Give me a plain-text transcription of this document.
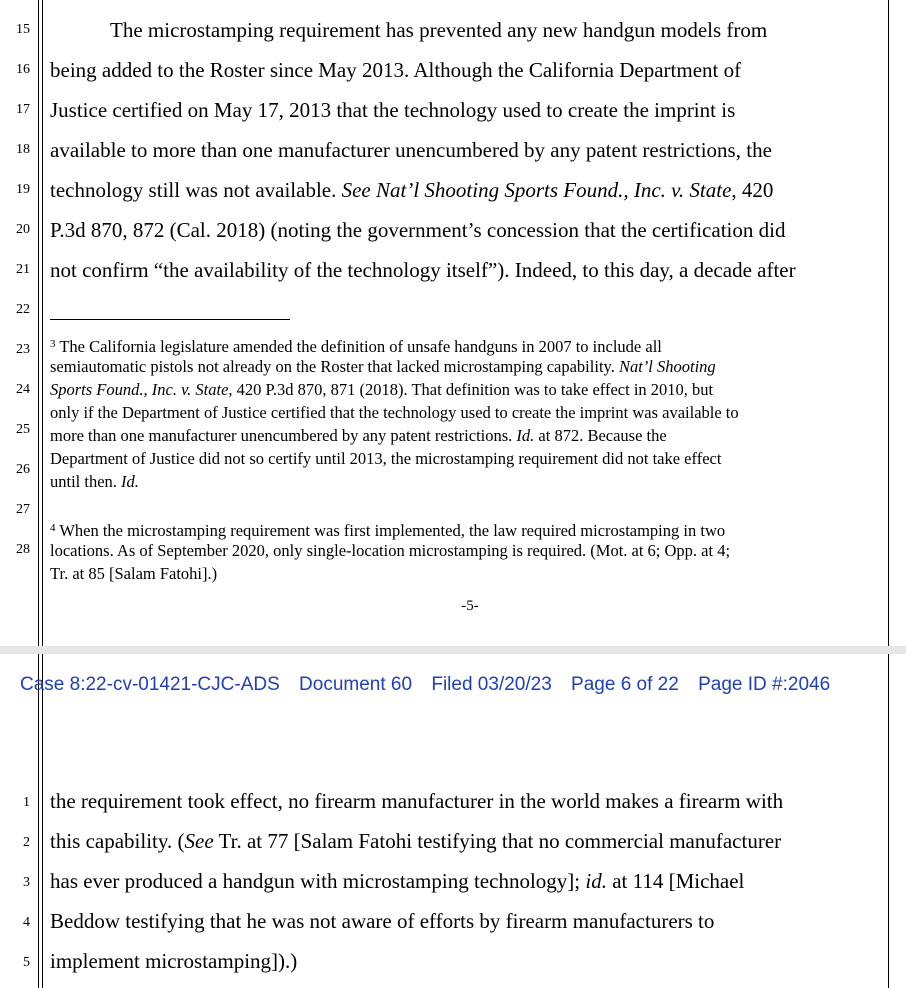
15
16
17
18
19
20
21
22
23
24
25
26
27
28
The microstamping requirement has prevented any new handgun models from
being added to the Roster since May 2013. Although the California Department of
Justice certified on May 17, 2013 that the technology used to create the imprint is
available to more than one manufacturer unencumbered by any patent restrictions, the
technology still was not available. See Nat’l Shooting Sports Found., Inc. v. State, 420
P.3d 870, 872 (Cal. 2018) (noting the government’s concession that the certification did
not confirm “the availability of the technology itself”). Indeed, to this day, a decade after
$^3$ The California legislature amended the definition of unsafe handguns in 2007 to include all
semiautomatic pistols not already on the Roster that lacked microstamping capability. Nat’l Shooting
Sports Found., Inc. v. State, 420 P.3d 870, 871 (2018). That definition was to take effect in 2010, but
only if the Department of Justice certified that the technology used to create the imprint was available to
more than one manufacturer unencumbered by any patent restrictions. Id. at 872. Because the
Department of Justice did not so certify until 2013, the microstamping requirement did not take effect
until then. Id.
$^4$ When the microstamping requirement was first implemented, the law required microstamping in two
locations. As of September 2020, only single-location microstamping is required. (Mot. at 6; Opp. at 4;
Tr. at 85 [Salam Fatohi].)
-5-
Case 8:22-cv-01421-CJC-ADS Document 60 Filed 03/20/23 Page 6 of 22 Page ID #:2046
1
2
3
4
5
the requirement took effect, no firearm manufacturer in the world makes a firearm with
this capability. (See Tr. at 77 [Salam Fatohi testifying that no commercial manufacturer
has ever produced a handgun with microstamping technology]; id. at 114 [Michael
Beddow testifying that he was not aware of efforts by firearm manufacturers to
implement microstamping]).)
